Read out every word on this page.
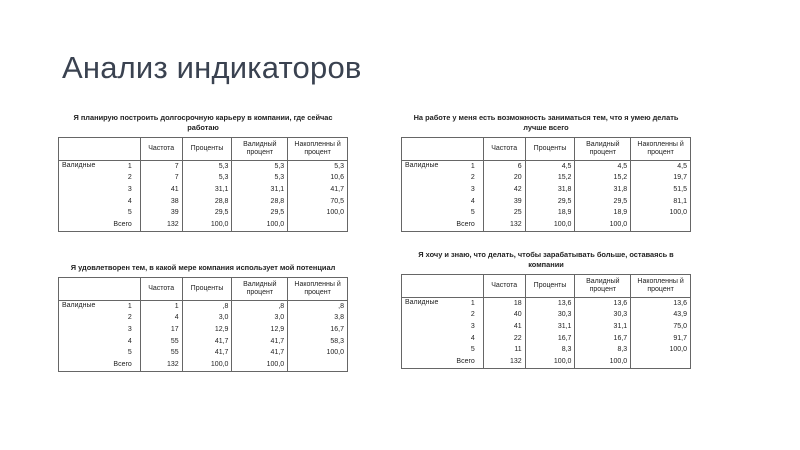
Анализ индикаторов
Я планирую построить долгосрочную карьеру в компании, где сейчас работаю
		Частота	Проценты	Валидный процент	Накопленны й процент
Валидные	1	7	5,3	5,3	5,3
	2	7	5,3	5,3	10,6
	3	41	31,1	31,1	41,7
	4	38	28,8	28,8	70,5
	5	39	29,5	29,5	100,0
	Всего	132	100,0	100,0	
На работе у меня есть возможность заниматься тем, что я умею делать лучше всего
		Частота	Проценты	Валидный процент	Накопленны й процент
Валидные	1	6	4,5	4,5	4,5
	2	20	15,2	15,2	19,7
	3	42	31,8	31,8	51,5
	4	39	29,5	29,5	81,1
	5	25	18,9	18,9	100,0
	Всего	132	100,0	100,0	
Я удовлетворен тем, в какой мере компания использует мой потенциал
		Частота	Проценты	Валидный процент	Накопленны й процент
Валидные	1	1	,8	,8	,8
	2	4	3,0	3,0	3,8
	3	17	12,9	12,9	16,7
	4	55	41,7	41,7	58,3
	5	55	41,7	41,7	100,0
	Всего	132	100,0	100,0	
Я хочу и знаю, что делать, чтобы зарабатывать больше, оставаясь в компании
		Частота	Проценты	Валидный процент	Накопленны й процент
Валидные	1	18	13,6	13,6	13,6
	2	40	30,3	30,3	43,9
	3	41	31,1	31,1	75,0
	4	22	16,7	16,7	91,7
	5	11	8,3	8,3	100,0
	Всего	132	100,0	100,0	
